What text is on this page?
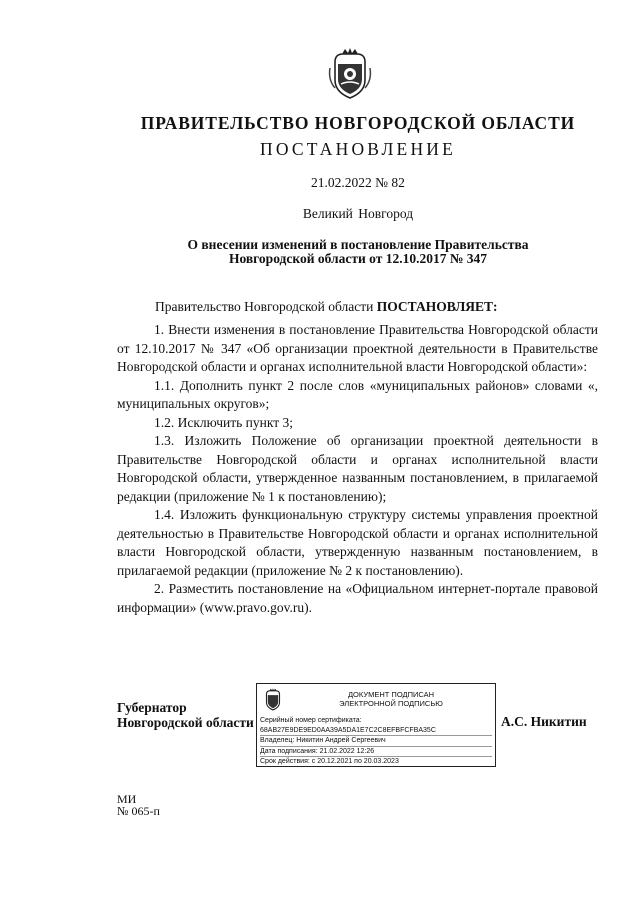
ПРАВИТЕЛЬСТВО НОВГОРОДСКОЙ ОБЛАСТИ
ПОСТАНОВЛЕНИЕ
21.02.2022 № 82
Великий Новгород
О внесении изменений в постановление Правительства
Новгородской области от 12.10.2017 № 347
Правительство Новгородской области ПОСТАНОВЛЯЕТ:

1. Внести изменения в постановление Правительства Новгородской области от 12.10.2017 № 347 «Об организации проектной деятельности в Правительстве Новгородской области и органах исполнительной власти Новгородской области»:

1.1. Дополнить пункт 2 после слов «муниципальных районов» словами «, муниципальных округов»;

1.2. Исключить пункт 3;

1.3. Изложить Положение об организации проектной деятельности в Правительстве Новгородской области и органах исполнительной власти Новгородской области, утвержденное названным постановлением, в прилагаемой редакции (приложение № 1 к постановлению);

1.4. Изложить функциональную структуру системы управления проектной деятельностью в Правительстве Новгородской области и органах исполнительной власти Новгородской области, утвержденную названным постановлением, в прилагаемой редакции (приложение № 2 к постановлению).

2. Разместить постановление на «Официальном интернет-портале правовой информации» (www.pravo.gov.ru).

Губернатор
Новгородской области
ДОКУМЕНТ ПОДПИСАН
ЭЛЕКТРОННОЙ ПОДПИСЬЮ
Серийный номер сертификата:
68AB27E9DE9ED0AA39A5DA1E7C2C8EFBFCFBA35C
Владелец: Никитин Андрей Сергеевич
Дата подписания: 21.02.2022 12:26
Срок действия: с 20.12.2021 по 20.03.2023
А.С. Никитин
МИ
№ 065-п
